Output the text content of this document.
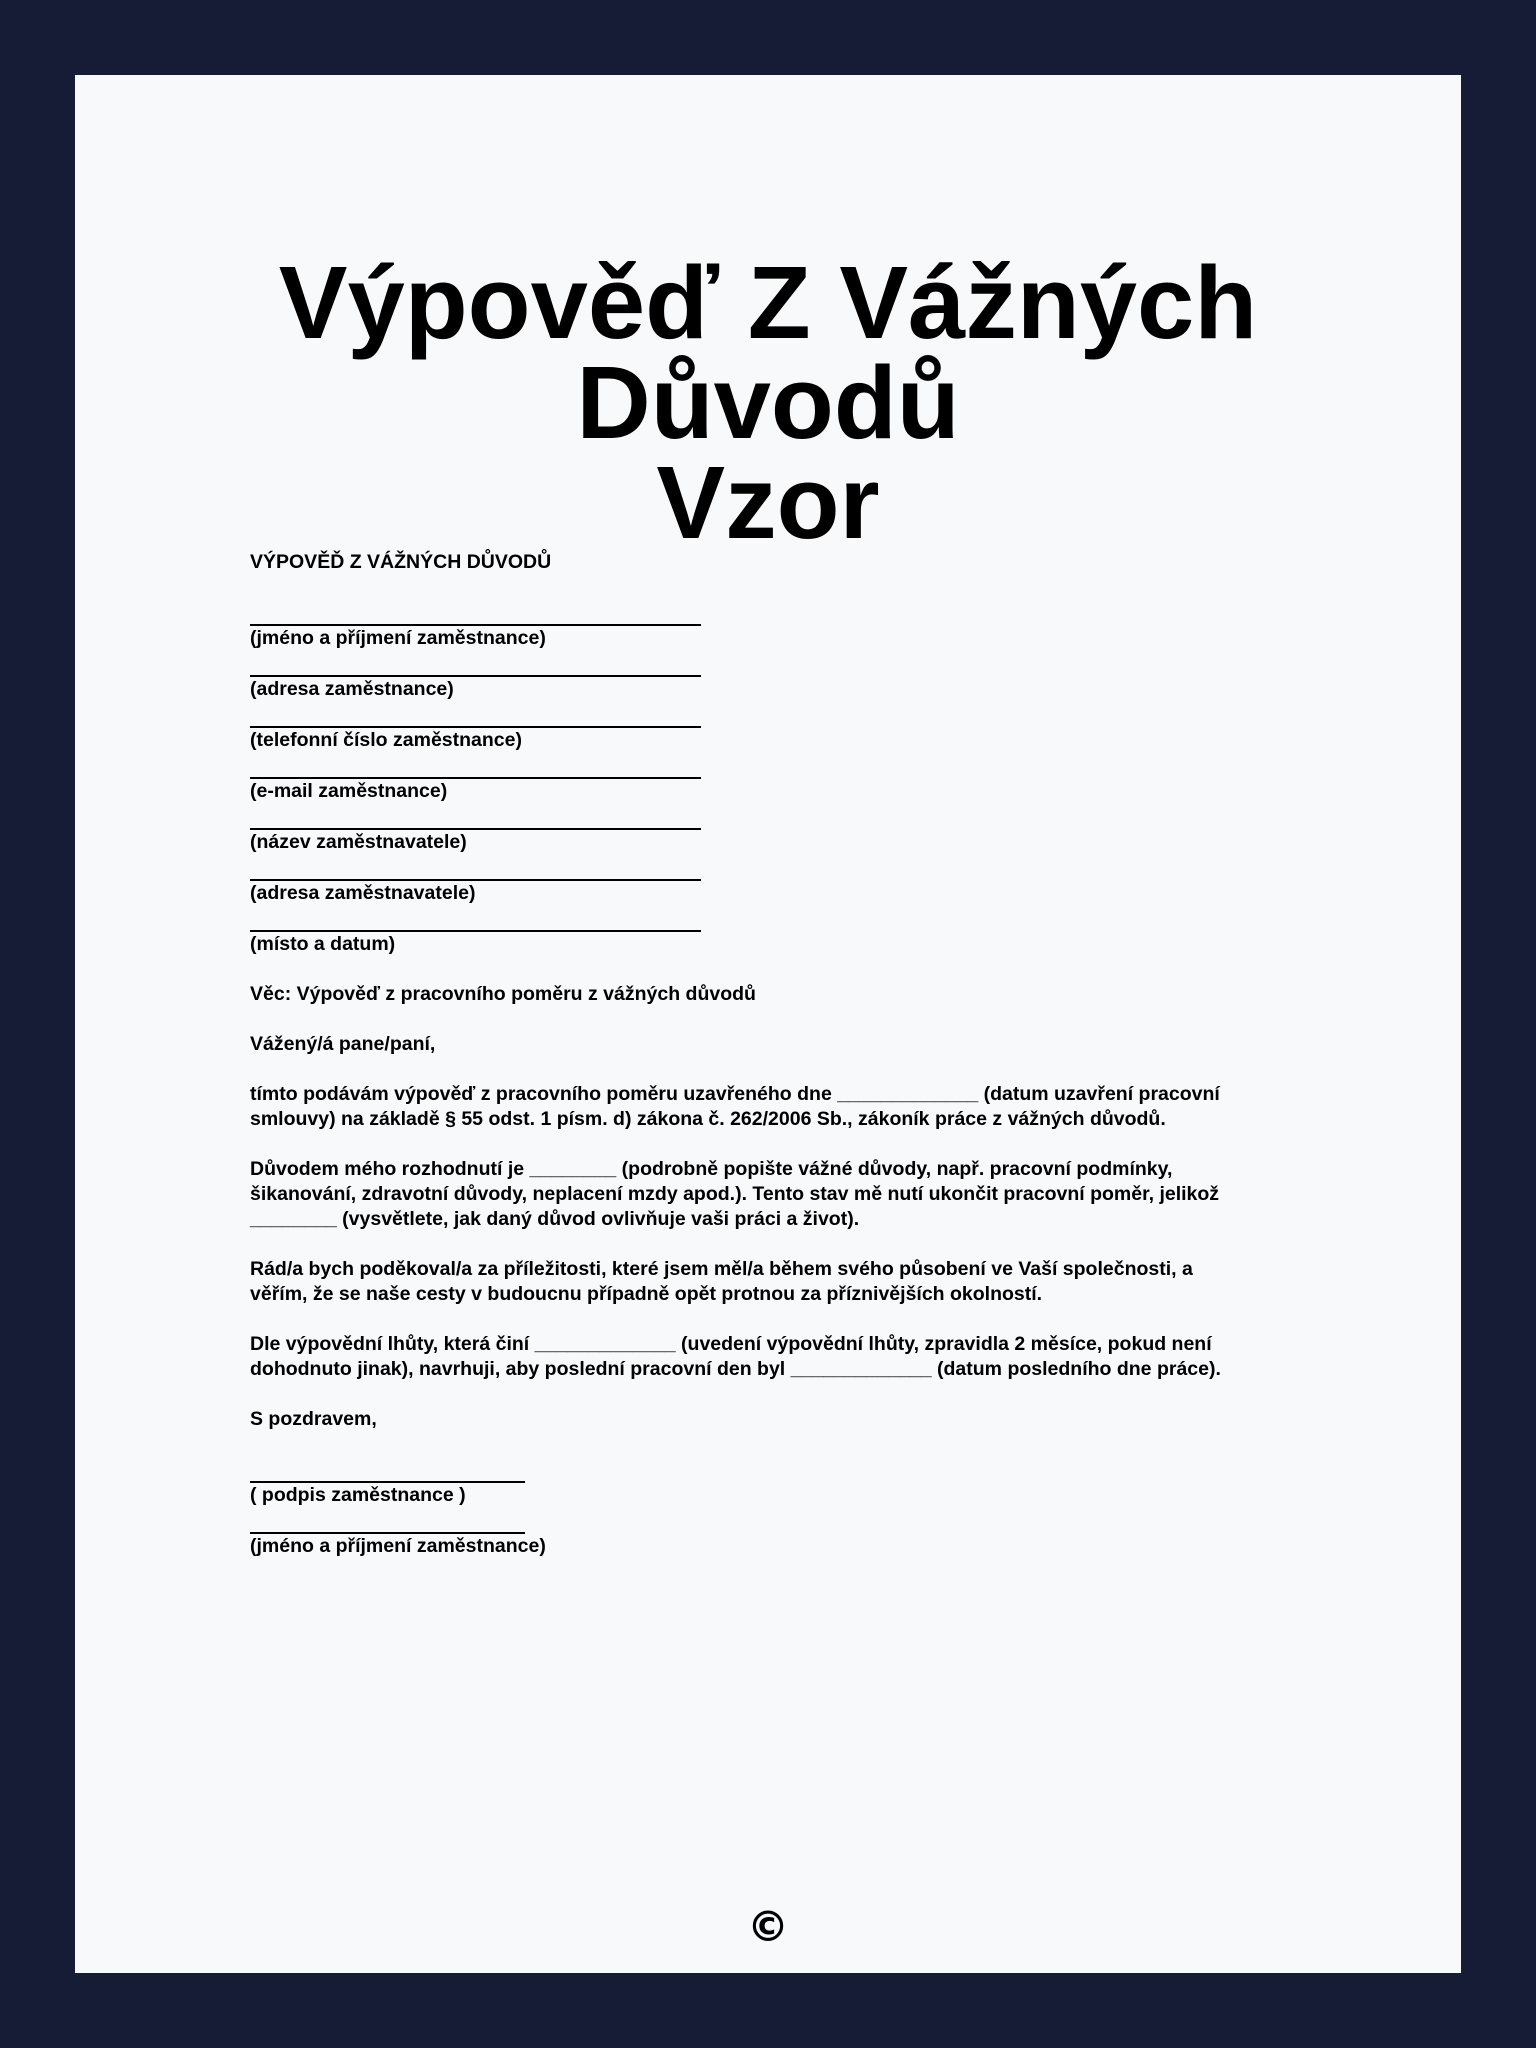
Výpověď Z Vážných Důvodů
Vzor
VÝPOVĚĎ Z VÁŽNÝCH DŮVODŮ
(jméno a příjmení zaměstnance)
(adresa zaměstnance)
(telefonní číslo zaměstnance)
(e-mail zaměstnance)
(název zaměstnavatele)
(adresa zaměstnavatele)
(místo a datum)
Věc: Výpověď z pracovního poměru z vážných důvodů
Vážený/á pane/paní,
tímto podávám výpověď z pracovního poměru uzavřeného dne _____________ (datum uzavření pracovní
smlouvy) na základě § 55 odst. 1 písm. d) zákona č. 262/2006 Sb., zákoník práce z vážných důvodů.
Důvodem mého rozhodnutí je ________ (podrobně popište vážné důvody, např. pracovní podmínky,
šikanování, zdravotní důvody, neplacení mzdy apod.). Tento stav mě nutí ukončit pracovní poměr, jelikož
________ (vysvětlete, jak daný důvod ovlivňuje vaši práci a život).
Rád/a bych poděkoval/a za příležitosti, které jsem měl/a během svého působení ve Vaší společnosti, a
věřím, že se naše cesty v budoucnu případně opět protnou za příznivějších okolností.
Dle výpovědní lhůty, která činí _____________ (uvedení výpovědní lhůty, zpravidla 2 měsíce, pokud není
dohodnuto jinak), navrhuji, aby poslední pracovní den byl _____________ (datum posledního dne práce).
S pozdravem,
( podpis zaměstnance )
(jméno a příjmení zaměstnance)
©
